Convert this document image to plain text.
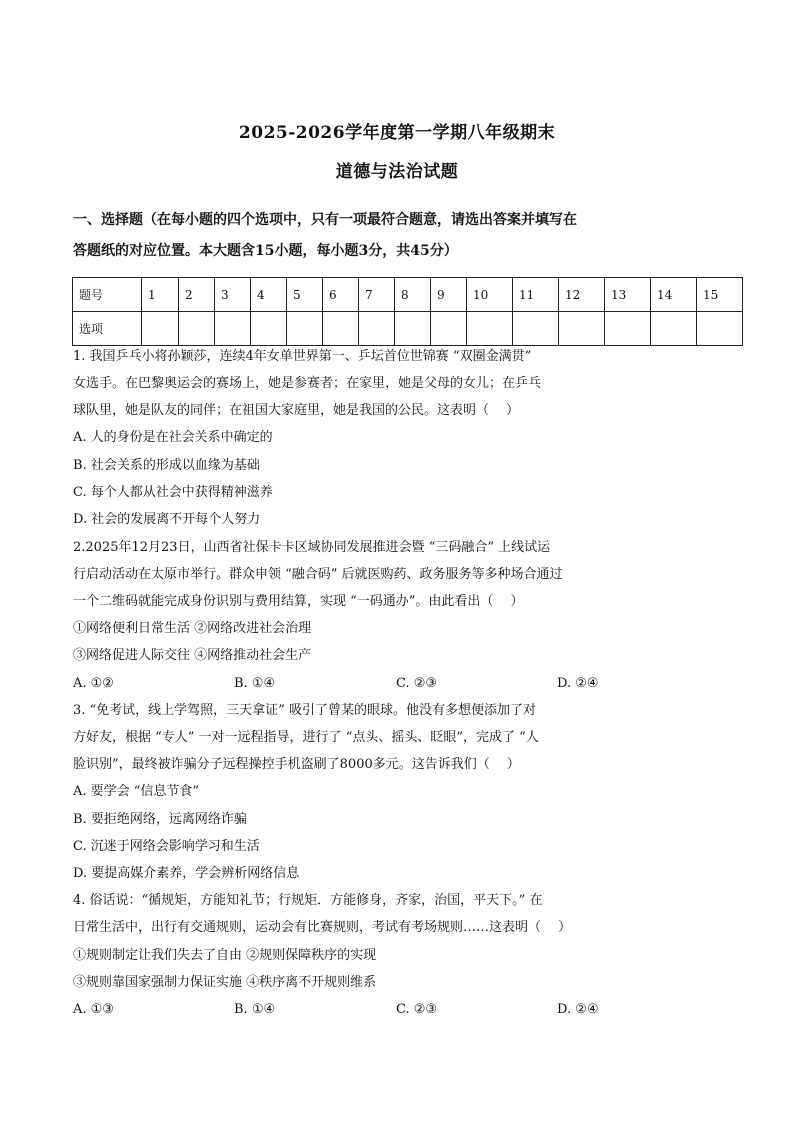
2025-2026学年度第一学期八年级期末
道德与法治试题
一、选择题（在每小题的四个选项中，只有一项最符合题意，请选出答案并填写在
答题纸的对应位置。本大题含15小题，每小题3分，共45分）
题号	1	2	3	4	5	6	7	8	9	10	11	12	13	14	15
选项															
1. 我国乒乓小将孙颖莎，连续4年女单世界第一、乒坛首位世锦赛 “双圈金满贯”
女选手。在巴黎奥运会的赛场上，她是参赛者；在家里，她是父母的女儿；在乒乓
球队里，她是队友的同伴；在祖国大家庭里，她是我国的公民。这表明（　 ）
A. 人的身份是在社会关系中确定的
B. 社会关系的形成以血缘为基础
C. 每个人都从社会中获得精神滋养
D. 社会的发展离不开每个人努力
2.2025年12月23日，山西省社保卡卡区域协同发展推进会暨 “三码融合” 上线试运
行启动活动在太原市举行。群众申领 “融合码” 后就医购药、政务服务等多种场合通过
一个二维码就能完成身份识别与费用结算，实现 “一码通办”。由此看出（　 ）
①网络便利日常生活 ②网络改进社会治理
③网络促进人际交往 ④网络推动社会生产
A. ①②	B. ①④	C. ②③	D. ②④
3. “免考试，线上学驾照，三天拿证” 吸引了曾某的眼球。他没有多想便添加了对
方好友，根据 “专人” 一对一远程指导，进行了 “点头、摇头、眨眼”，完成了 “人
脸识别”，最终被诈骗分子远程操控手机盗刷了8000多元。这告诉我们（　 ）
A. 要学会 “信息节食”
B. 要拒绝网络，远离网络诈骗
C. 沉迷于网络会影响学习和生活
D. 要提高媒介素养，学会辨析网络信息
4. 俗话说：“循规矩，方能知礼节；行规矩．方能修身，齐家，治国，平天下。” 在
日常生活中，出行有交通规则，运动会有比赛规则，考试有考场规则……这表明（　 ）
①规则制定让我们失去了自由 ②规则保障秩序的实现
③规则靠国家强制力保证实施 ④秩序离不开规则维系
A. ①③	B. ①④	C. ②③	D. ②④
